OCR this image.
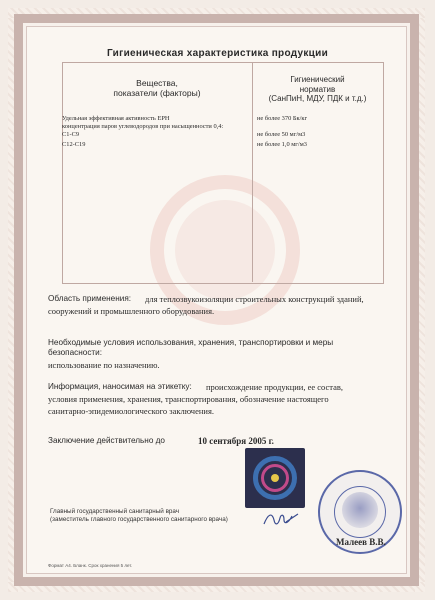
Гигиеническая характеристика продукции
Вещества,
показатели (факторы)
Гигиенический
норматив
(СанПиН, МДУ, ПДК и т.д.)
Удельная эффективная активность ЕРН	не более 370 Бк/кг
концентрация паров углеводородов при насыщенности 0,4:
С1-С9	не более 50 мг/м3
С12-С19	не более 1,0 мг/м3
Область применения: для теплозвукоизоляции строительных конструкций зданий,
сооружений и промышленного оборудования.
Необходимые условия использования, хранения, транспортировки и меры
безопасности:
использование по назначению.
Информация, наносимая на этикетку: происхождение продукции, ее состав,
условия применения, хранения, транспортирования, обозначение настоящего
санитарно-эпидемиологического заключения.
Заключение действительно до	10 сентября 2005 г.
Главный государственный санитарный врач
(заместитель главного государственного санитарного врача)
Малеев В.В.
Формат А4. Бланк. Срок хранения 5 лет.
